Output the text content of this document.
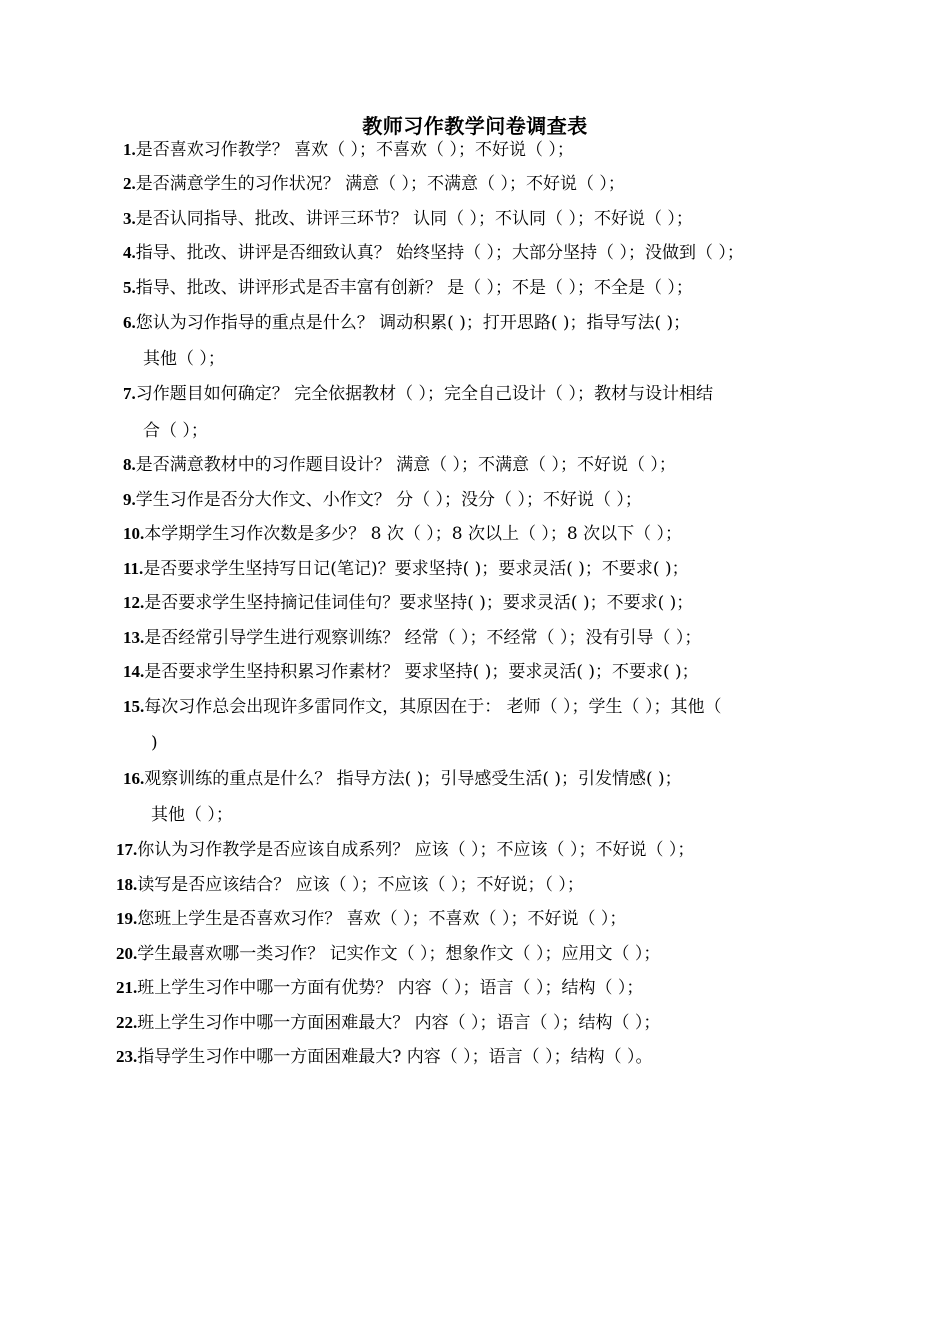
教师习作教学问卷调查表
1.是否喜欢习作教学？ 喜欢（ ）；不喜欢（ ）；不好说（ ）；
2.是否满意学生的习作状况？ 满意（ ）；不满意（ ）；不好说（ ）；
3.是否认同指导、批改、讲评三环节？ 认同（ ）；不认同（ ）；不好说（ ）；
4.指导、批改、讲评是否细致认真？ 始终坚持（ ）；大部分坚持（ ）；没做到（ ）；
5.指导、批改、讲评形式是否丰富有创新？ 是（ ）；不是（ ）；不全是（ ）；
6.您认为习作指导的重点是什么？ 调动积累( )；打开思路( )；指导写法( )；
其他（ ）；
7.习作题目如何确定？ 完全依据教材（ ）；完全自己设计（ ）；教材与设计相结
合（ ）；
8.是否满意教材中的习作题目设计？ 满意（ ）；不满意（ ）；不好说（ ）；
9.学生习作是否分大作文、小作文？ 分（ ）；没分（ ）；不好说（ ）；
10.本学期学生习作次数是多少？ 8 次（ ）；8 次以上（ ）；8 次以下（ ）；
11.是否要求学生坚持写日记(笔记)？要求坚持( )；要求灵活( )；不要求( )；
12.是否要求学生坚持摘记佳词佳句？要求坚持( )；要求灵活( )；不要求( )；
13.是否经常引导学生进行观察训练？ 经常（ ）；不经常（ ）；没有引导（ ）；
14.是否要求学生坚持积累习作素材？ 要求坚持( )；要求灵活( )；不要求( )；
15.每次习作总会出现许多雷同作文，其原因在于： 老师（ ）；学生（ ）；其他（
)
16.观察训练的重点是什么？ 指导方法( )；引导感受生活( )；引发情感( )；
其他（ ）；
17.你认为习作教学是否应该自成系列？ 应该（ ）；不应该（ ）；不好说（ ）；
18.读写是否应该结合？ 应该（ ）；不应该（ ）；不好说；（ ）；
19.您班上学生是否喜欢习作？ 喜欢（ ）；不喜欢（ ）；不好说（ ）；
20.学生最喜欢哪一类习作？ 记实作文（ ）；想象作文（ ）；应用文（ ）；
21.班上学生习作中哪一方面有优势？ 内容（ ）；语言（ ）；结构（ ）；
22.班上学生习作中哪一方面困难最大？ 内容（ ）；语言（ ）；结构（ ）；
23.指导学生习作中哪一方面困难最大? 内容（ ）；语言（ ）；结构（ ）。
